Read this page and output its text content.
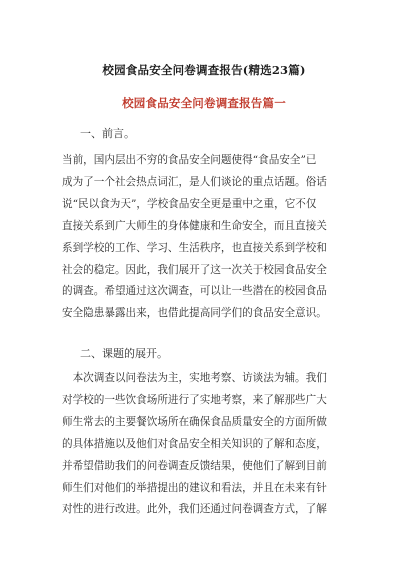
校园食品安全问卷调查报告(精选23篇)
校园食品安全问卷调查报告篇一
一、前言。
当前，国内层出不穷的食品安全问题使得“食品安全”已
成为了一个社会热点词汇，是人们谈论的重点话题。俗话
说“民以食为天”，学校食品安全更是重中之重，它不仅
直接关系到广大师生的身体健康和生命安全，而且直接关
系到学校的工作、学习、生活秩序，也直接关系到学校和
社会的稳定。因此，我们展开了这一次关于校园食品安全
的调查。希望通过这次调查，可以让一些潜在的校园食品
安全隐患暴露出来，也借此提高同学们的食品安全意识。
二、课题的展开。
　本次调查以问卷法为主，实地考察、访谈法为辅。我们
对学校的一些饮食场所进行了实地考察，来了解那些广大
师生常去的主要餐饮场所在确保食品质量安全的方面所做
的具体措施以及他们对食品安全相关知识的了解和态度，
并希望借助我们的问卷调查反馈结果，使他们了解到目前
师生们对他们的举措提出的建议和看法，并且在未来有针
对性的进行改进。此外，我们还通过问卷调查方式，了解
